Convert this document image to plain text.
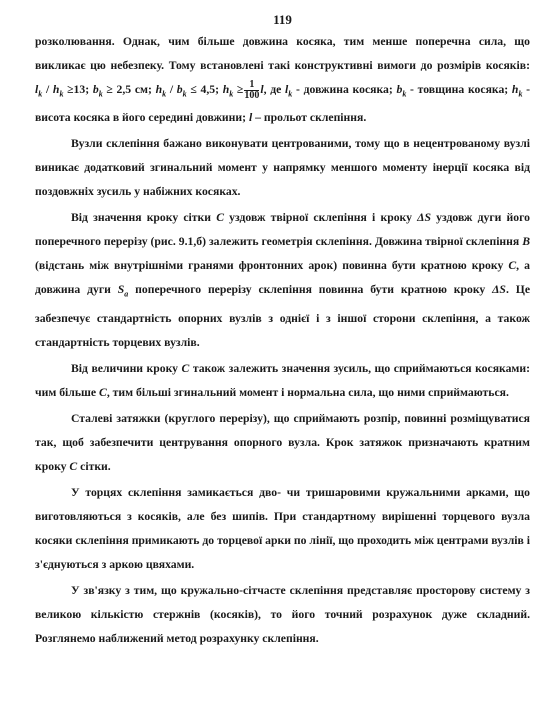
119

розколювання. Однак, чим більше довжина косяка, тим менше поперечна сила, що викликає цю небезпеку. Тому встановлені такі конструктивні вимоги до розмірів косяків: $l_k / h_k \ge 13$; $b_k \ge 2,5$ см; $h_k / b_k \le 4,5$; $h_k \ge \frac{1}{100} l$, де $l_k$ - довжина косяка; $b_k$ - товщина косяка; $h_k$ - висота косяка в його середині довжини; l – прольот склепіння.

Вузли склепіння бажано виконувати центрованими, тому що в нецентрованому вузлі виникає додатковий згинальний момент у напрямку меншого моменту інерції косяка від поздовжніх зусиль у набіжних косяках.

Від значення кроку сітки C уздовж твірної склепіння і кроку ΔS уздовж дуги його поперечного перерізу (рис. 9.1,б) залежить геометрія склепіння. Довжина твірної склепіння B (відстань між внутрішніми гранями фронтонних арок) повинна бути кратною кроку C, а довжина дуги $S_a$ поперечного перерізу склепіння повинна бути кратною кроку ΔS. Це забезпечує стандартність опорних вузлів з однієї і з іншої сторони склепіння, а також стандартність торцевих вузлів.

Від величини кроку C також залежить значення зусиль, що сприймаються косяками: чим більше C, тим більші згинальний момент і нормальна сила, що ними сприймаються.

Сталеві затяжки (круглого перерізу), що сприймають розпір, повинні розміщуватися так, щоб забезпечити центрування опорного вузла. Крок затяжок призначають кратним кроку C сітки.

У торцях склепіння замикається дво- чи тришаровими кружальними арками, що виготовляються з косяків, але без шипів. При стандартному вирішенні торцевого вузла косяки склепіння примикають до торцевої арки по лінії, що проходить між центрами вузлів і з'єднуються з аркою цвяхами.

У зв'язку з тим, що кружально-сітчасте склепіння представляє просторову систему з великою кількістю стержнів (косяків), то його точний розрахунок дуже складний. Розглянемо наближений метод розрахунку склепіння.
